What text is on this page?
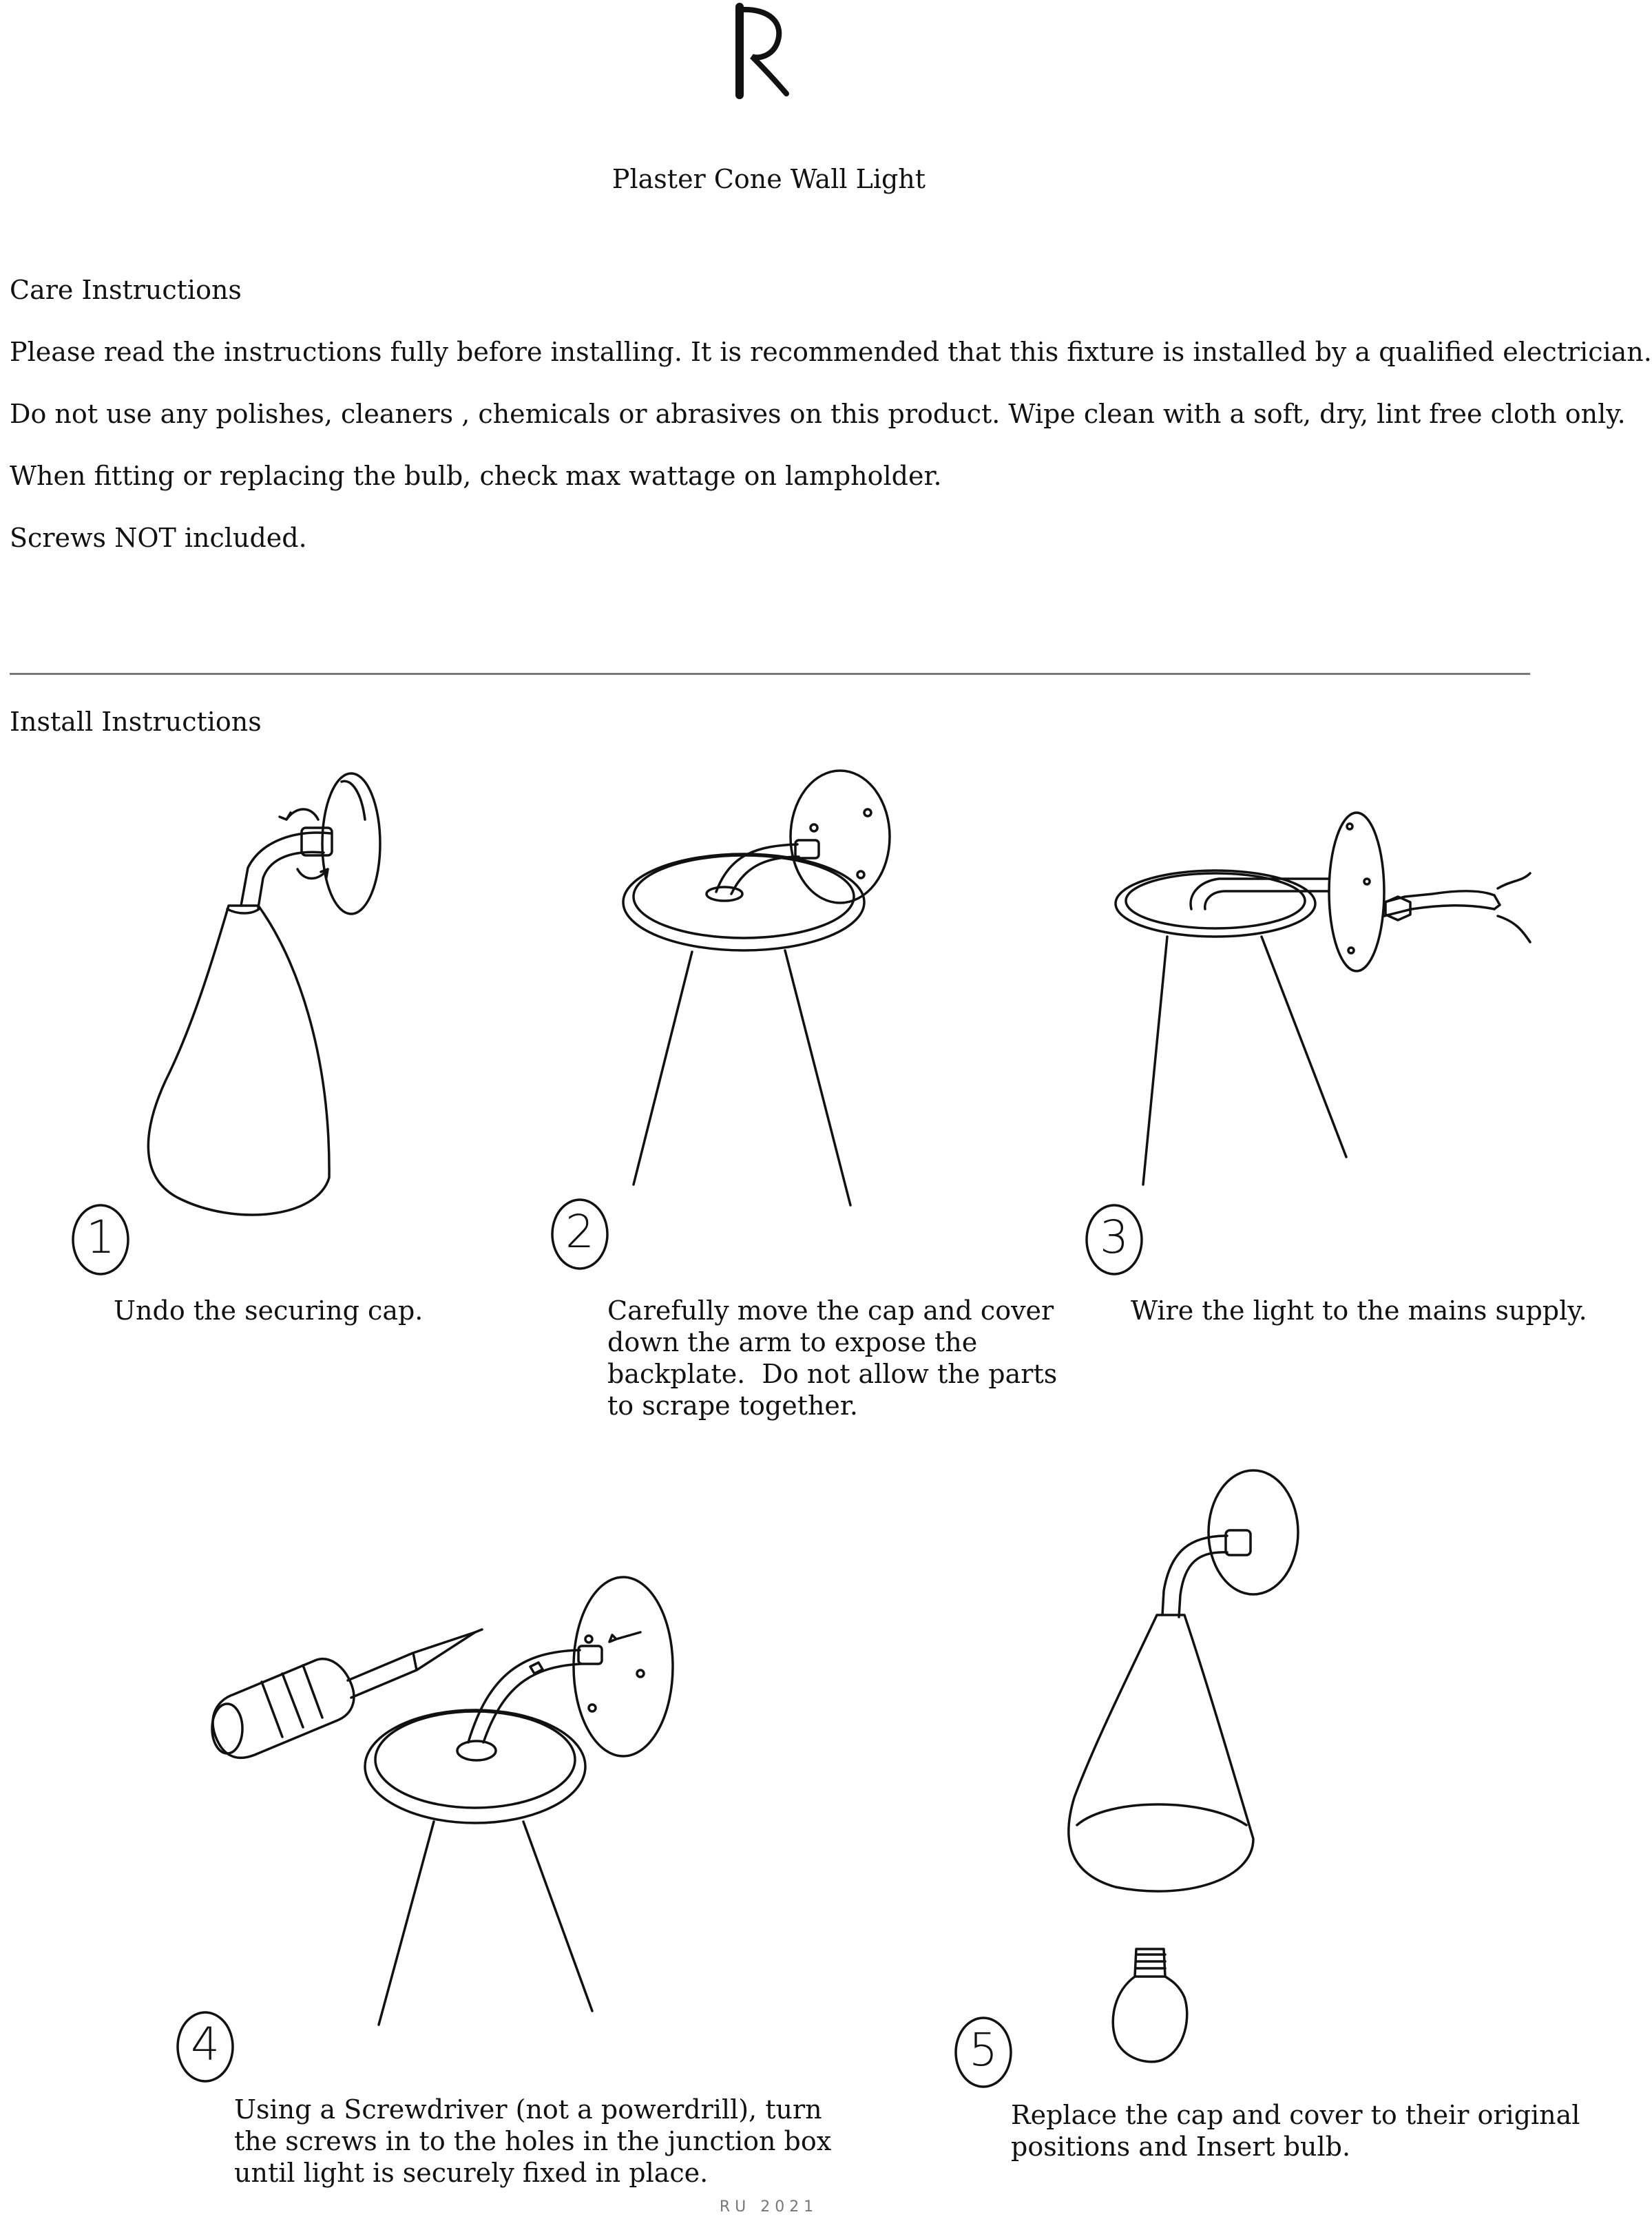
Plaster Cone Wall Light
Care Instructions
Please read the instructions fully before installing. It is recommended that this fixture is installed by a qualified electrician.
Do not use any polishes, cleaners , chemicals or abrasives on this product. Wipe clean with a soft, dry, lint free cloth only.
When fitting or replacing the bulb, check max wattage on lampholder.
Screws NOT included.
Install Instructions
1	2	3
Undo the securing cap.	Carefully move the cap and cover
down the arm to expose the
backplate.  Do not allow the parts
to scrape together.
Wire the light to the mains supply.
4	5
Using a Screwdriver (not a powerdrill), turn
the screws in to the holes in the junction box
until light is securely fixed in place.
Replace the cap and cover to their original
positions and Insert bulb.
RU 2021
